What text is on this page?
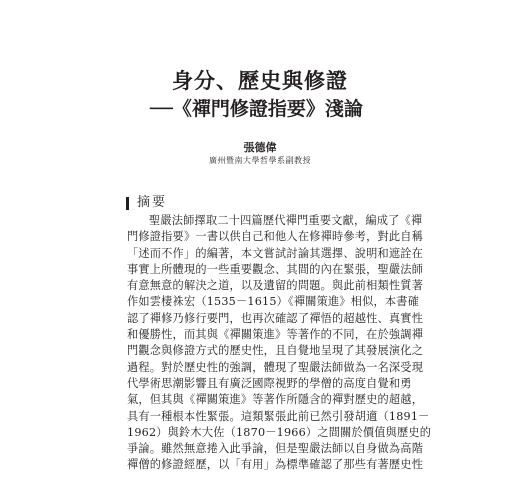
身分、歷史與修證
──《禪門修證指要》淺論
張德偉
廣州暨南大學哲學系副教授
摘要
聖嚴法師擇取二十四篇歷代禪門重要文獻，編成了《禪
門修證指要》一書以供自己和他人在修禪時參考，對此自稱
「述而不作」的編著，本文嘗試討論其選擇、說明和遮詮在
事實上所體現的一些重要觀念、其間的內在緊張，聖嚴法師
有意無意的解決之道，以及遺留的問題。與此前相類性質著
作如雲棲袾宏（1535－1615）《禪關策進》相似，本書確
認了禪修乃修行要門，也再次確認了禪悟的超越性、真實性
和優勝性，而其與《禪關策進》等著作的不同，在於強調禪
門觀念與修證方式的歷史性，且自覺地呈現了其發展演化之
過程。對於歷史性的強調，體現了聖嚴法師做為一名深受現
代學術思潮影響且有廣泛國際視野的學僧的高度自覺和勇
氣，但其與《禪關策進》等著作所隱含的禪對歷史的超越，
具有一種根本性緊張。這類緊張此前已然引發胡適（1891－
1962）與鈴木大佐（1870－1966）之間關於價值與歷史的
爭論。雖然無意捲入此爭論，但是聖嚴法師以自身做為高階
禪僧的修證經歷，以「有用」為標準確認了那些有著歷史性
